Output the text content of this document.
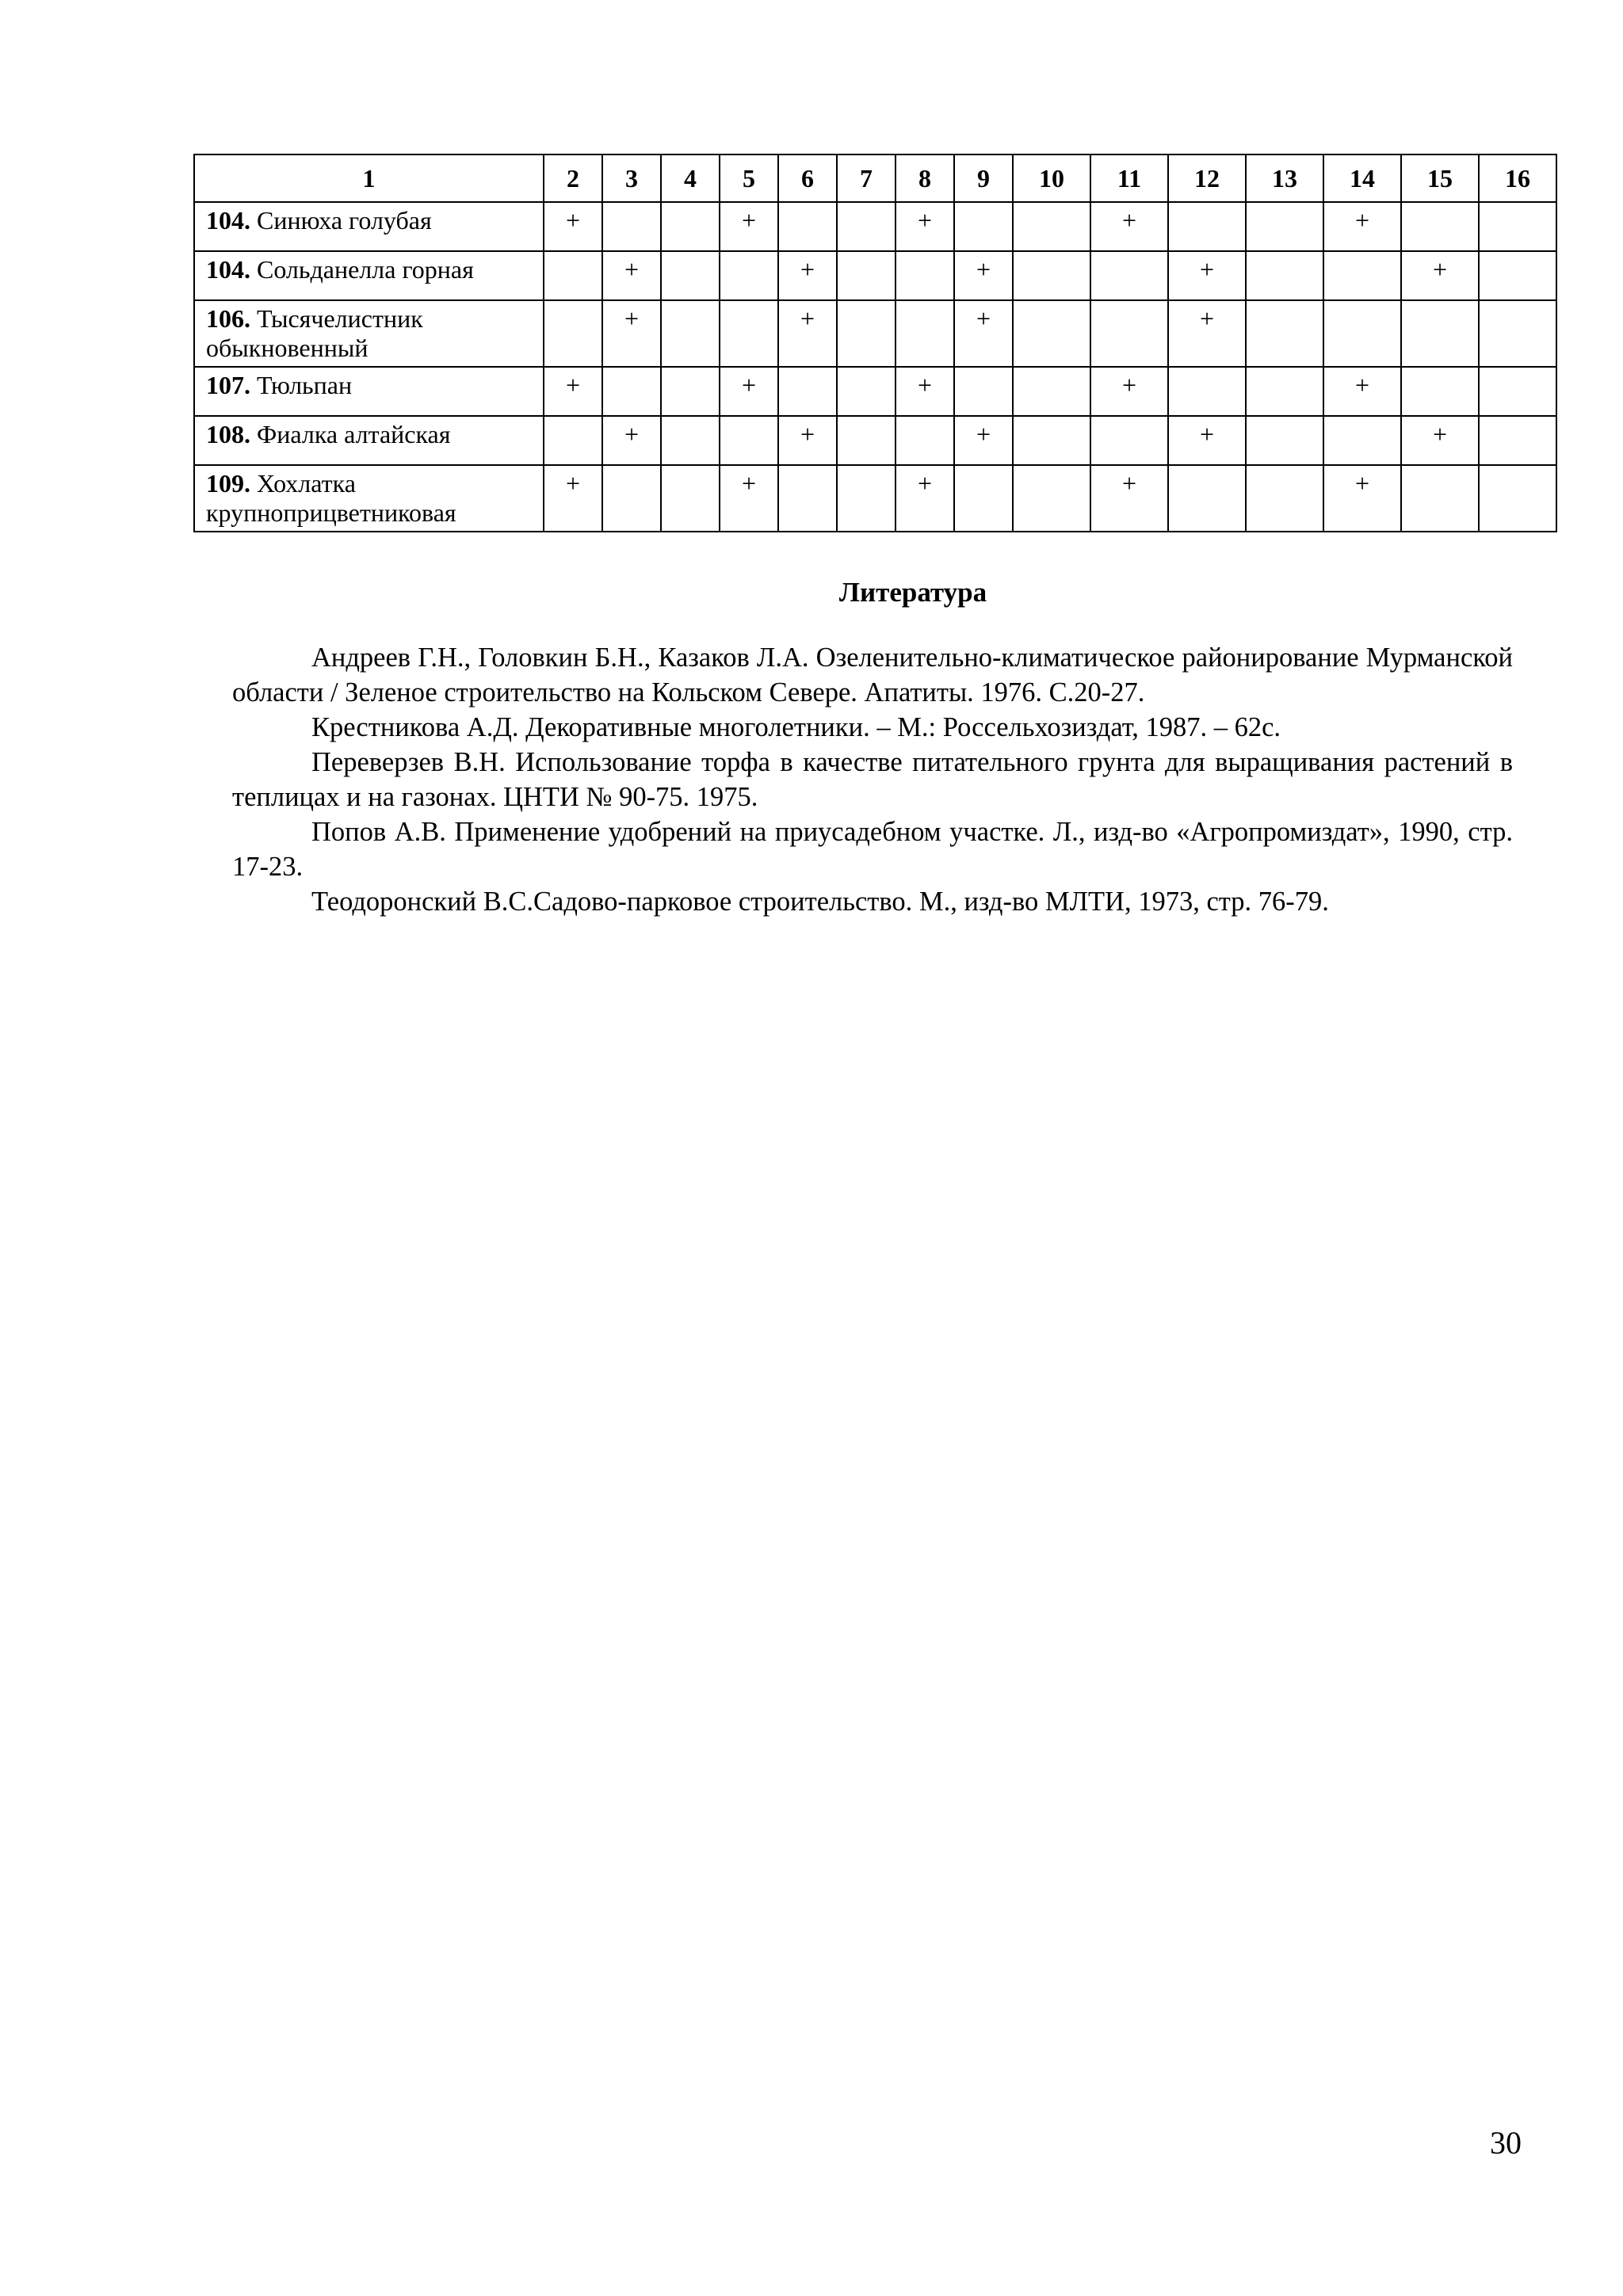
1	2	3	4	5	6	7	8	9	10	11	12	13	14	15	16
104. Синюха голубая	+			+			+			+			+		
104. Сольданелла горная		+			+			+			+			+	
106. Тысячелистник обыкновенный		+			+			+			+				
107. Тюльпан	+			+			+			+			+		
108. Фиалка алтайская		+			+			+			+			+	
109. Хохлатка крупноприцветниковая	+			+			+			+			+		
Литература

Андреев Г.Н., Головкин Б.Н., Казаков Л.А. Озеленительно-климатическое районирование Мурманской области / Зеленое строительство на Кольском Севере. Апатиты. 1976. С.20-27.

Крестникова А.Д. Декоративные многолетники. – М.: Россельхозиздат, 1987. – 62с.

Переверзев В.Н. Использование торфа в качестве питательного грунта для выращивания растений в теплицах и на газонах. ЦНТИ № 90-75. 1975.

Попов А.В. Применение удобрений на приусадебном участке. Л., изд-во «Агропромиздат», 1990, стр. 17-23.

Теодоронский В.С.Садово-парковое строительство. М., изд-во МЛТИ, 1973, стр. 76-79.

30
